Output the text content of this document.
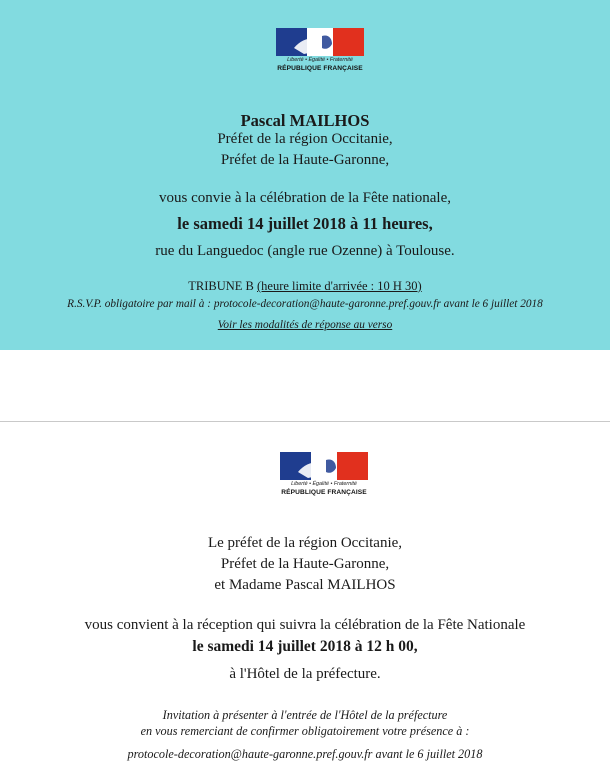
Liberté • Égalité • Fraternité
RÉPUBLIQUE FRANÇAISE
Pascal MAILHOS
Préfet de la région Occitanie,
Préfet de la Haute-Garonne,
vous convie à la célébration de la Fête nationale,
le samedi 14 juillet 2018 à 11 heures,
rue du Languedoc (angle rue Ozenne) à Toulouse.
TRIBUNE B (heure limite d'arrivée : 10 H 30)
R.S.V.P. obligatoire par mail à : protocole-decoration@haute-garonne.pref.gouv.fr avant le 6 juillet 2018
Voir les modalités de réponse au verso
Liberté • Égalité • Fraternité
RÉPUBLIQUE FRANÇAISE
Le préfet de la région Occitanie,
Préfet de la Haute-Garonne,
et Madame Pascal MAILHOS
vous convient à la réception qui suivra la célébration de la Fête Nationale
le samedi 14 juillet 2018 à 12 h 00,
à l'Hôtel de la préfecture.
Invitation à présenter à l'entrée de l'Hôtel de la préfecture
en vous remerciant de confirmer obligatoirement votre présence à :
protocole-decoration@haute-garonne.pref.gouv.fr avant le 6 juillet 2018
